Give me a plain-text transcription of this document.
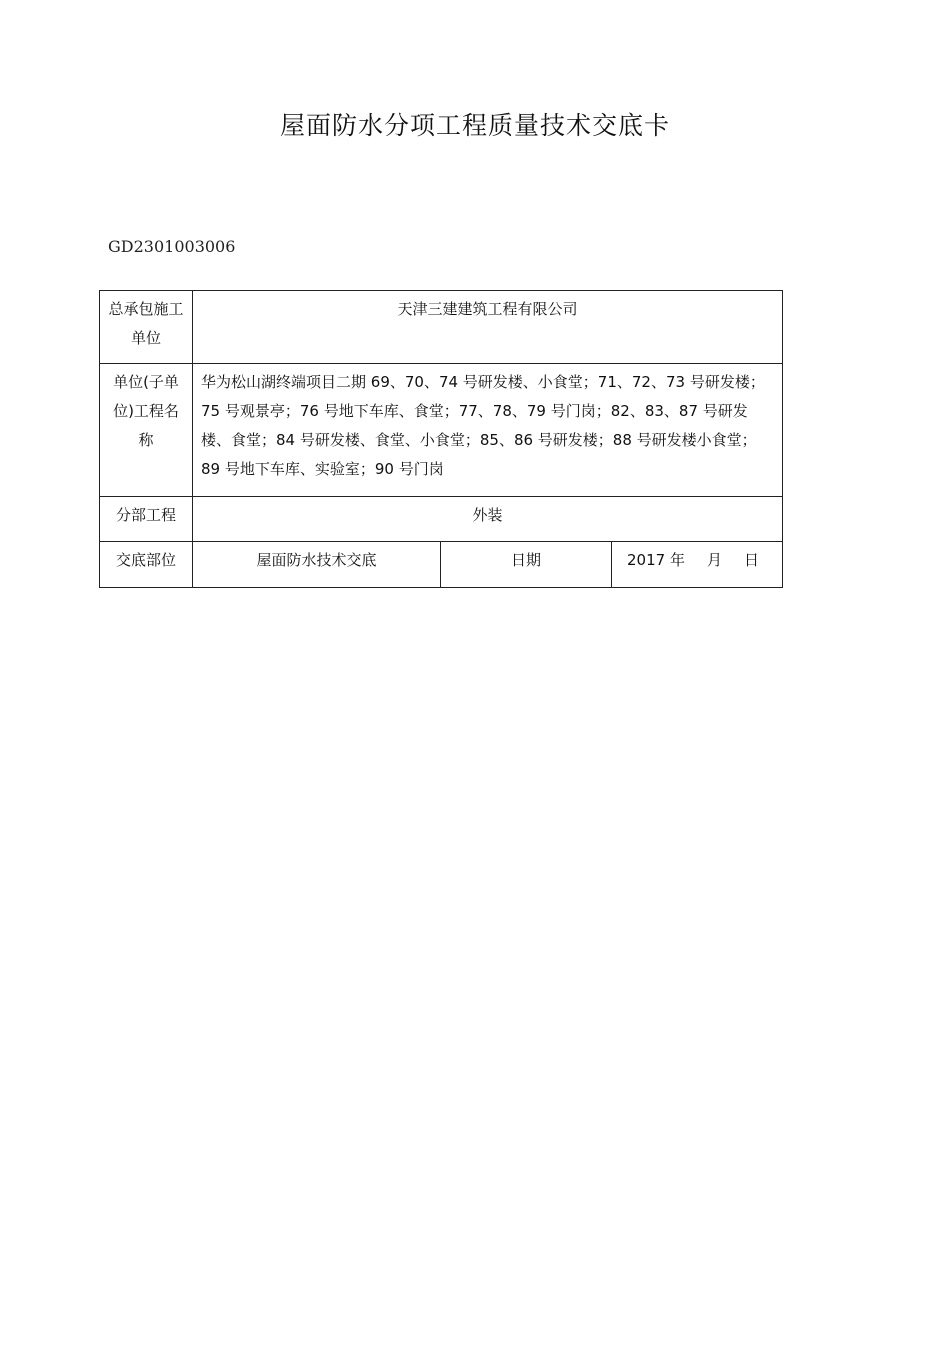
屋面防水分项工程质量技术交底卡
GD2301003006
总承包施工单位	天津三建建筑工程有限公司		
单位(子单位)工程名称	华为松山湖终端项目二期 69、70、74 号研发楼、小食堂；71、72、73 号研发楼；75 号观景亭；76 号地下车库、食堂；77、78、79 号门岗；82、83、87 号研发楼、食堂；84 号研发楼、食堂、小食堂；85、86 号研发楼；88 号研发楼小食堂；89 号地下车库、实验室；90 号门岗		
分部工程	外装		
交底部位	屋面防水技术交底	日期	2017 年 月 日
